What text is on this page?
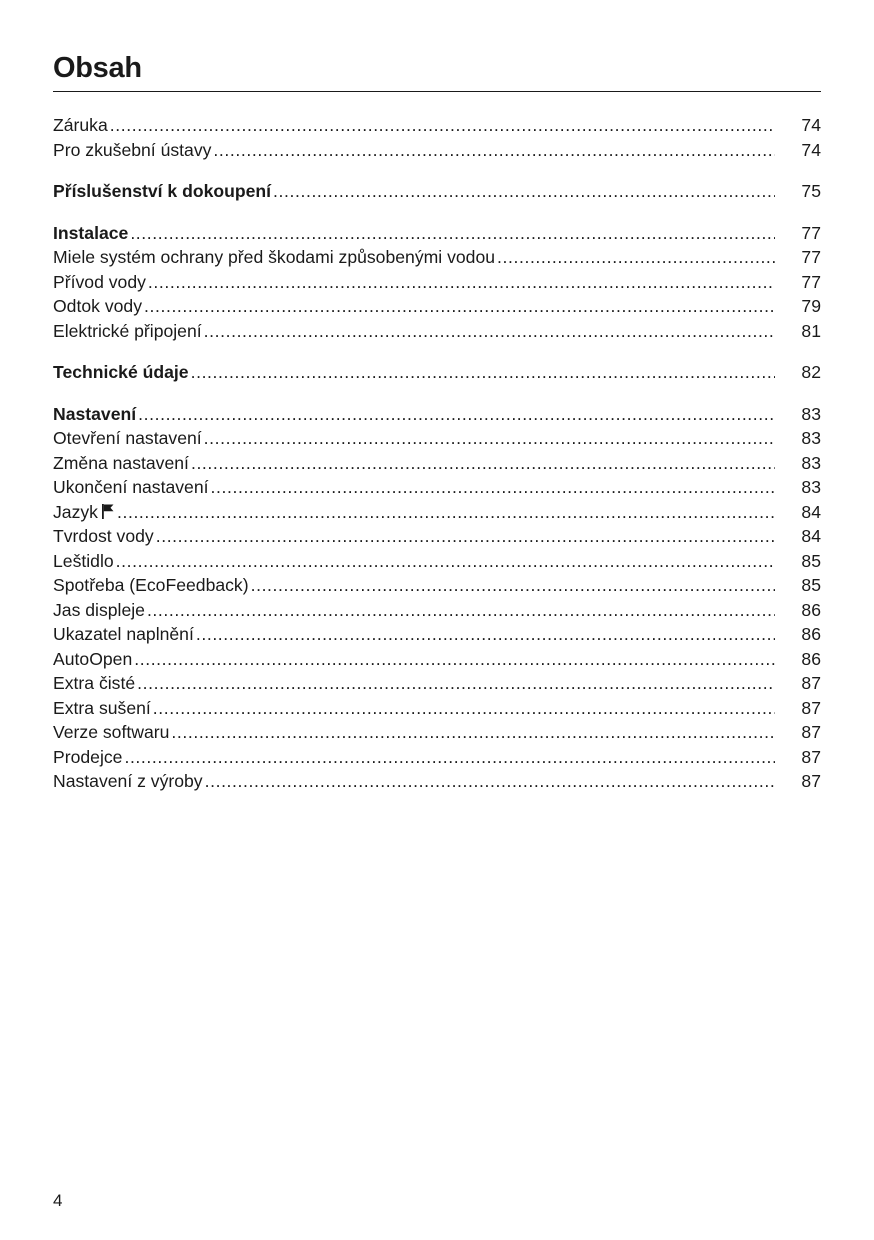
Obsah
Záruka .....	74
Pro zkušební ústavy .....	74
Příslušenství k dokoupení .....	75
Instalace .....	77
Miele systém ochrany před škodami způsobenými vodou .....	77
Přívod vody .....	77
Odtok vody .....	79
Elektrické připojení .....	81
Technické údaje .....	82
Nastavení .....	83
Otevření nastavení .....	83
Změna nastavení .....	83
Ukončení nastavení .....	83
Jazyk .....	84
Tvrdost vody .....	84
Leštidlo .....	85
Spotřeba (EcoFeedback) .....	85
Jas displeje .....	86
Ukazatel naplnění .....	86
AutoOpen .....	86
Extra čisté .....	87
Extra sušení .....	87
Verze softwaru .....	87
Prodejce .....	87
Nastavení z výroby .....	87
4
